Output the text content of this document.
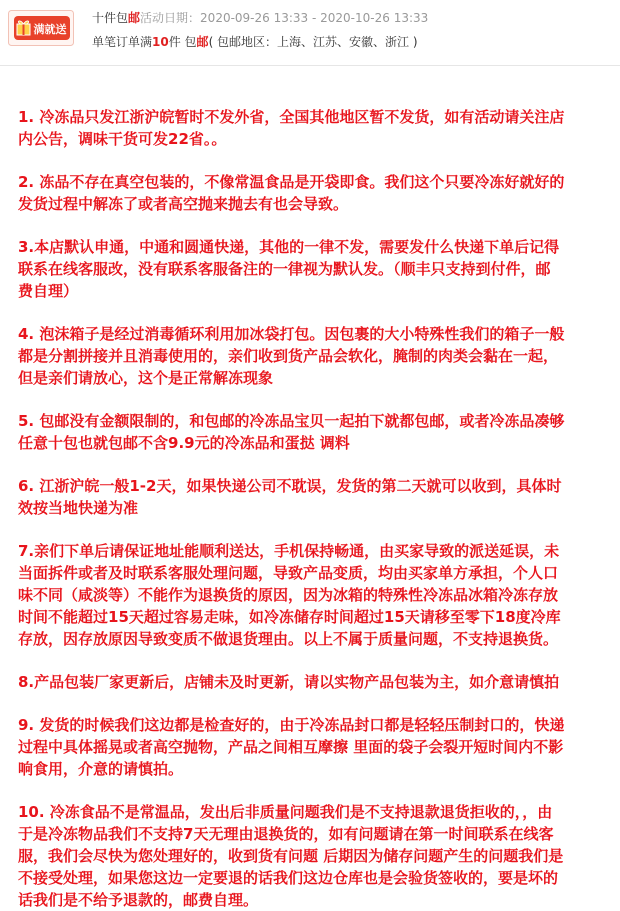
满就送
十件包邮活动日期：2020-09-26 13:33 - 2020-10-26 13:33
单笔订单满10件 包邮( 包邮地区：上海、江苏、安徽、浙江 )
1. 冷冻品只发江浙沪皖暂时不发外省，全国其他地区暂不发货，如有活动请关注店
内公告，调味干货可发22省。。
2. 冻品不存在真空包装的，不像常温食品是开袋即食。我们这个只要冷冻好就好的
发货过程中解冻了或者高空抛来抛去有也会导致。
3.本店默认申通，中通和圆通快递，其他的一律不发，需要发什么快递下单后记得
联系在线客服改，没有联系客服备注的一律视为默认发。（顺丰只支持到付件，邮
费自理）
4. 泡沫箱子是经过消毒循环利用加冰袋打包。因包裹的大小特殊性我们的箱子一般
都是分割拼接并且消毒使用的，亲们收到货产品会软化，腌制的肉类会黏在一起，
但是亲们请放心，这个是正常解冻现象
5. 包邮没有金额限制的，和包邮的冷冻品宝贝一起拍下就都包邮，或者冷冻品凑够
任意十包也就包邮不含9.9元的冷冻品和蛋挞 调料
6. 江浙沪皖一般1-2天，如果快递公司不耽误，发货的第二天就可以收到，具体时
效按当地快递为准
7.亲们下单后请保证地址能顺利送达，手机保持畅通，由买家导致的派送延误，未
当面拆件或者及时联系客服处理问题，导致产品变质，均由买家单方承担，个人口
味不同（咸淡等）不能作为退换货的原因，因为冰箱的特殊性冷冻品冰箱冷冻存放
时间不能超过15天超过容易走味，如冷冻储存时间超过15天请移至零下18度冷库
存放，因存放原因导致变质不做退货理由。以上不属于质量问题，不支持退换货。
8.产品包装厂家更新后，店铺未及时更新，请以实物产品包装为主，如介意请慎拍
9. 发货的时候我们这边都是检查好的，由于冷冻品封口都是轻轻压制封口的，快递
过程中具体摇晃或者高空抛物，产品之间相互摩擦 里面的袋子会裂开短时间内不影
响食用，介意的请慎拍。
10. 冷冻食品不是常温品，发出后非质量问题我们是不支持退款退货拒收的，，由
于是冷冻物品我们不支持7天无理由退换货的，如有问题请在第一时间联系在线客
服，我们会尽快为您处理好的，收到货有问题 后期因为储存问题产生的问题我们是
不接受处理，如果您这边一定要退的话我们这边仓库也是会验货签收的，要是坏的
话我们是不给予退款的，邮费自理。
